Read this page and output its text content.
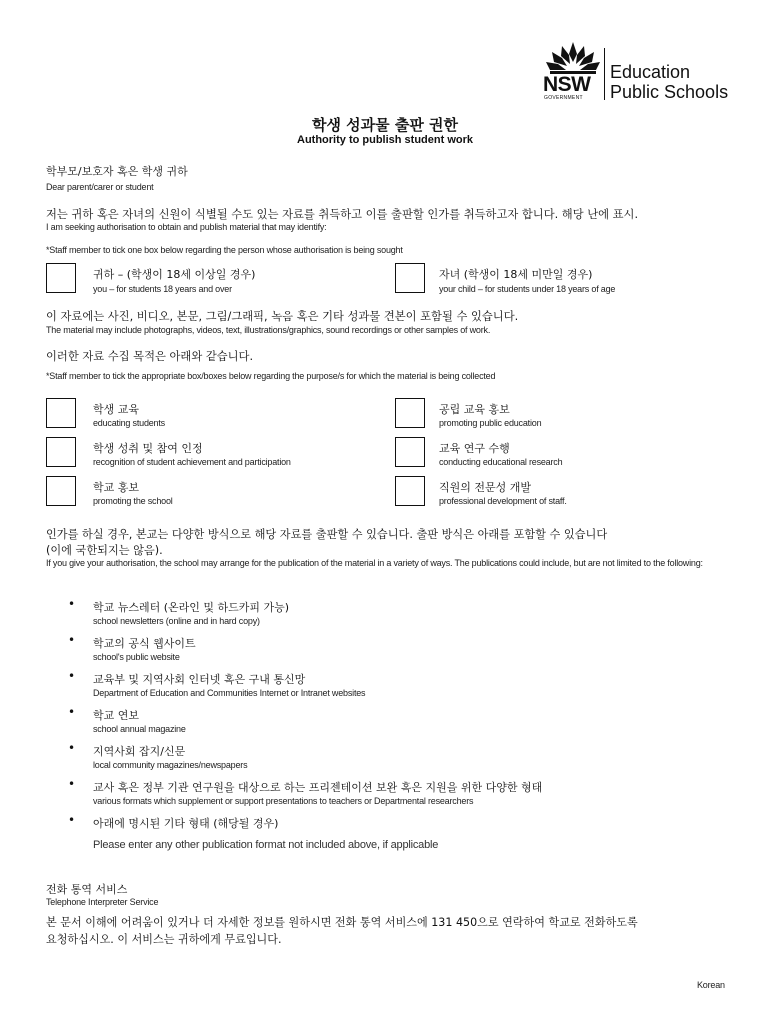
NSW
GOVERNMENT
Education
Public Schools
학생 성과물 출판 권한
Authority to publish student work
학부모/보호자 혹은 학생 귀하
Dear parent/carer or student
저는 귀하 혹은 자녀의 신원이 식별될 수도 있는 자료를 취득하고 이를 출판할 인가를 취득하고자 합니다. 해당 난에 표시.
I am seeking authorisation to obtain and publish material that may identify:
*Staff member to tick one box below regarding the person whose authorisation is being sought
귀하 – (학생이 18세 이상일 경우)
you – for students 18 years and over
자녀 (학생이 18세 미만일 경우)
your child – for students under 18 years of age
이 자료에는 사진, 비디오, 본문, 그림/그래픽, 녹음 혹은 기타 성과물 견본이 포함될 수 있습니다.
The material may include photographs, videos, text, illustrations/graphics, sound recordings or other samples of work.
이러한 자료 수집 목적은 아래와 같습니다.
*Staff member to tick the appropriate box/boxes below regarding the purpose/s for which the material is being collected
학생 교육
educating students
공립 교육 홍보
promoting public education
학생 성취 및 참여 인정
recognition of student achievement and participation
교육 연구 수행
conducting educational research
학교 홍보
promoting the school
직원의 전문성 개발
professional development of staff.
인가를 하실 경우, 본교는 다양한 방식으로 해당 자료를 출판할 수 있습니다. 출판 방식은 아래를 포함할 수 있습니다
(이에 국한되지는 않음).
If you give your authorisation, the school may arrange for the publication of the material in a variety of ways. The publications could include, but are not limited to the following:
• 학교 뉴스레터 (온라인 및 하드카피 가능)
school newsletters (online and in hard copy)
• 학교의 공식 웹사이트
school's public website
• 교육부 및 지역사회 인터넷 혹은 구내 통신망
Department of Education and Communities Internet or Intranet websites
• 학교 연보
school annual magazine
• 지역사회 잡지/신문
local community magazines/newspapers
• 교사 혹은 정부 기관 연구원을 대상으로 하는 프리젠테이션 보완 혹은 지원을 위한 다양한 형태
various formats which supplement or support presentations to teachers or Departmental researchers
• 아래에 명시된 기타 형태 (해당될 경우)
Please enter any other publication format not included above, if applicable
전화 통역 서비스
Telephone Interpreter Service
본 문서 이해에 어려움이 있거나 더 자세한 정보를 원하시면 전화 통역 서비스에 131 450으로 연락하여 학교로 전화하도록
요청하십시오. 이 서비스는 귀하에게 무료입니다.
Korean
